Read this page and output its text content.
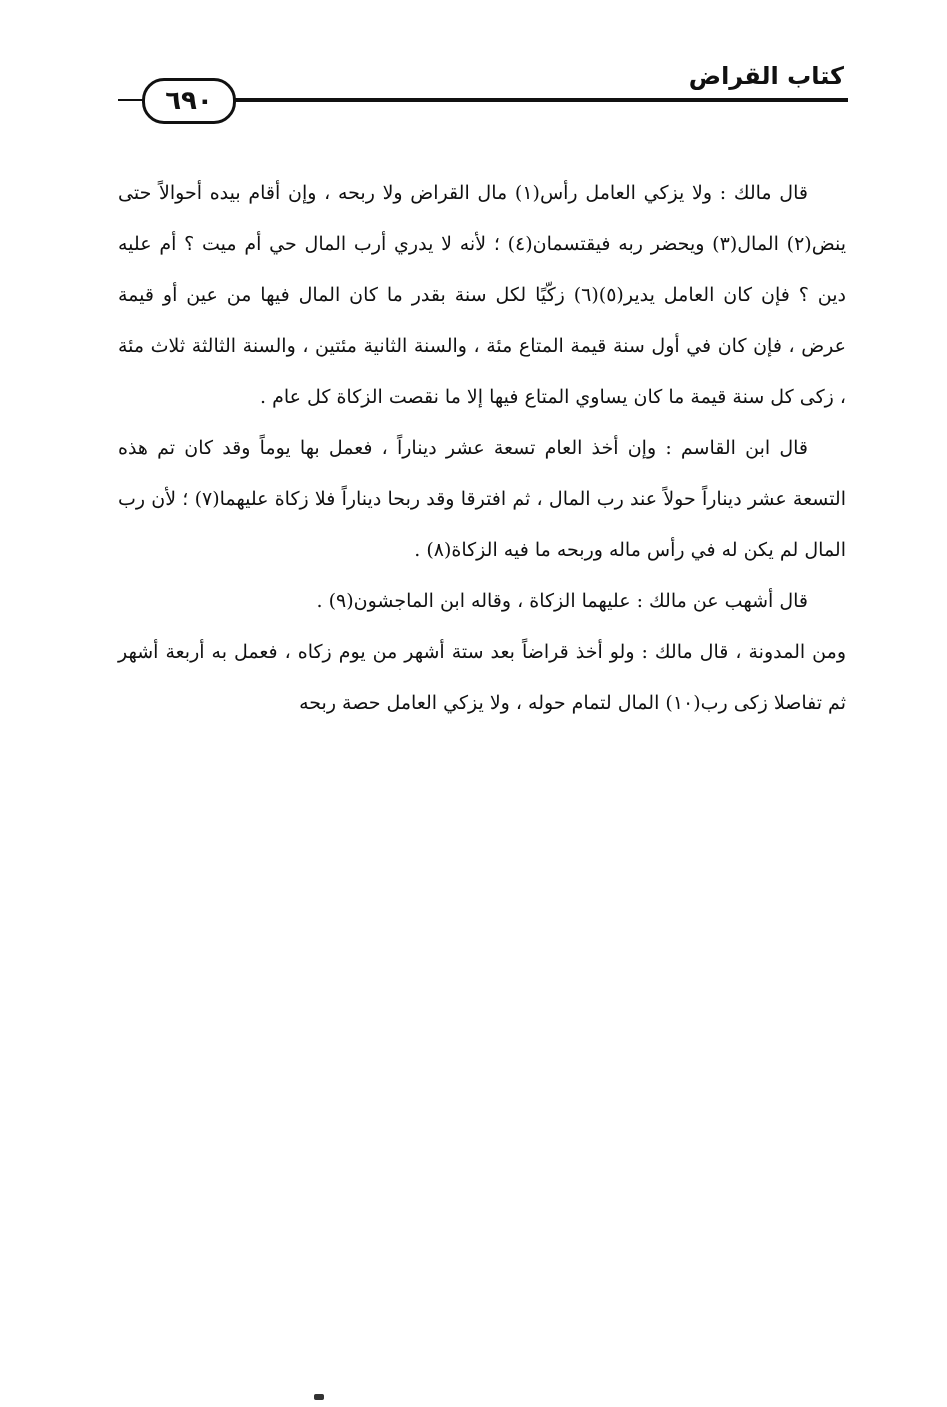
كتاب القراض
٦٩٠

قال مالك : ولا يزكي العامل رأس(١) مال القراض ولا ربحه ، وإن أقام بيده أحوالاً حتى ينض(٢) المال(٣) ويحضر ربه فيقتسمان(٤) ؛ لأنه لا يدري أرب المال حي أم ميت ؟ أم عليه دين ؟ فإن كان العامل يدير(٥)(٦) زكّيًا لكل سنة بقدر ما كان المال فيها من عين أو قيمة عرض ، فإن كان في أول سنة قيمة المتاع مئة ، والسنة الثانية مئتين ، والسنة الثالثة ثلاث مئة ، زكى كل سنة قيمة ما كان يساوي المتاع فيها إلا ما نقصت الزكاة كل عام .

قال ابن القاسم : وإن أخذ العام تسعة عشر ديناراً ، فعمل بها يوماً وقد كان تم هذه التسعة عشر ديناراً حولاً عند رب المال ، ثم افترقا وقد ربحا ديناراً فلا زكاة عليهما(٧) ؛ لأن رب المال لم يكن له في رأس ماله وربحه ما فيه الزكاة(٨) .

قال أشهب عن مالك : عليهما الزكاة ، وقاله ابن الماجشون(٩) .

ومن المدونة ، قال مالك : ولو أخذ قراضاً بعد ستة أشهر من يوم زكاه ، فعمل به أربعة أشهر ثم تفاصلا زكى رب(١٠) المال لتمام حوله ، ولا يزكي العامل حصة ربحه
